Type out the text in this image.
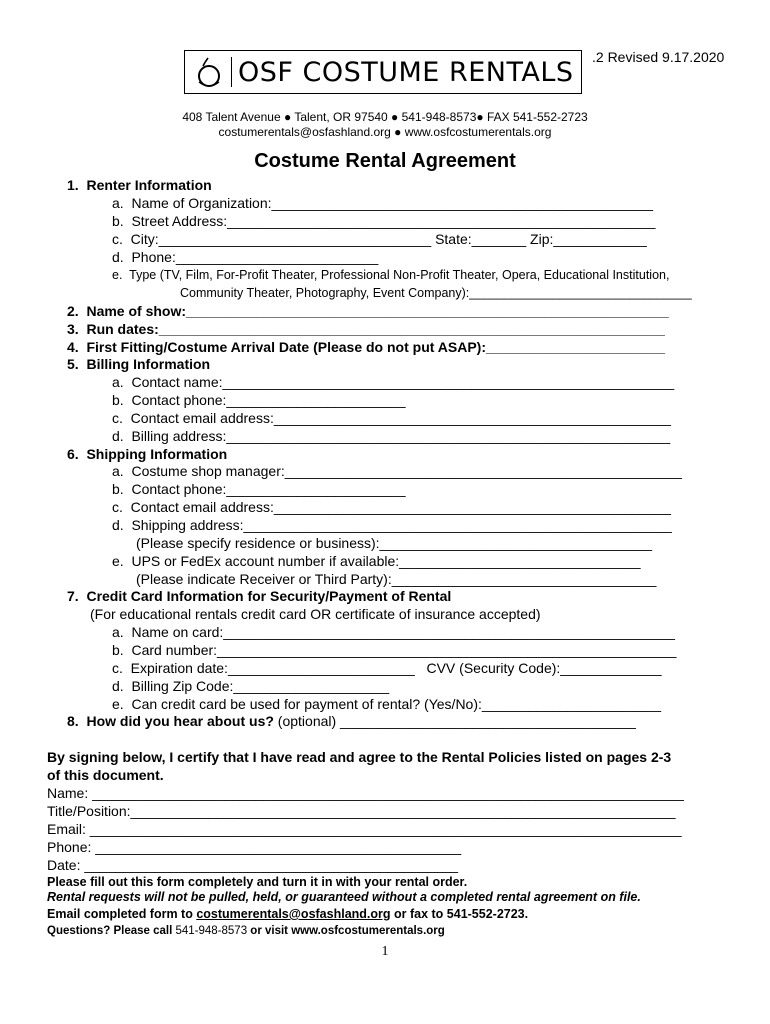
.2 Revised 9.17.2020
OSF COSTUME RENTALS
408 Talent Avenue ● Talent, OR 97540 ● 541-948-8573● FAX 541-552-2723
costumerentals@osfashland.org ● www.osfcostumerentals.org
Costume Rental Agreement
1.  Renter Information
a.  Name of Organization:_________________________________________________
b.  Street Address:_______________________________________________________
c.  City:___________________________________ State:_______ Zip:____________
d.  Phone:__________________________
e.  Type (TV, Film, For-Profit Theater, Professional Non-Profit Theater, Opera, Educational Institution,
Community Theater, Photography, Event Company):________________________________
2.  Name of show:______________________________________________________________
3.  Run dates:_________________________________________________________________
4.  First Fitting/Costume Arrival Date (Please do not put ASAP):_______________________
5.  Billing Information
a.  Contact name:__________________________________________________________
b.  Contact phone:_______________________
c.  Contact email address:___________________________________________________
d.  Billing address:_________________________________________________________
6.  Shipping Information
a.  Costume shop manager:___________________________________________________
b.  Contact phone:_______________________
c.  Contact email address:___________________________________________________
d.  Shipping address:_______________________________________________________
(Please specify residence or business):___________________________________
e.  UPS or FedEx account number if available:_______________________________
(Please indicate Receiver or Third Party):__________________________________
7.  Credit Card Information for Security/Payment of Rental
(For educational rentals credit card OR certificate of insurance accepted)
a.  Name on card:__________________________________________________________
b.  Card number:___________________________________________________________
c.  Expiration date:________________________   CVV (Security Code):_____________
d.  Billing Zip Code:____________________
e.  Can credit card be used for payment of rental? (Yes/No):_______________________
8.  How did you hear about us? (optional) ______________________________________
By signing below, I certify that I have read and agree to the Rental Policies listed on pages 2-3
of this document.
Name: ____________________________________________________________________________
Title/Position:______________________________________________________________________
Email: ____________________________________________________________________________
Phone: _______________________________________________
Date: ________________________________________________
Please fill out this form completely and turn it in with your rental order.
Rental requests will not be pulled, held, or guaranteed without a completed rental agreement on file.
Email completed form to costumerentals@osfashland.org or fax to 541-552-2723.
Questions? Please call 541-948-8573 or visit www.osfcostumerentals.org
1
